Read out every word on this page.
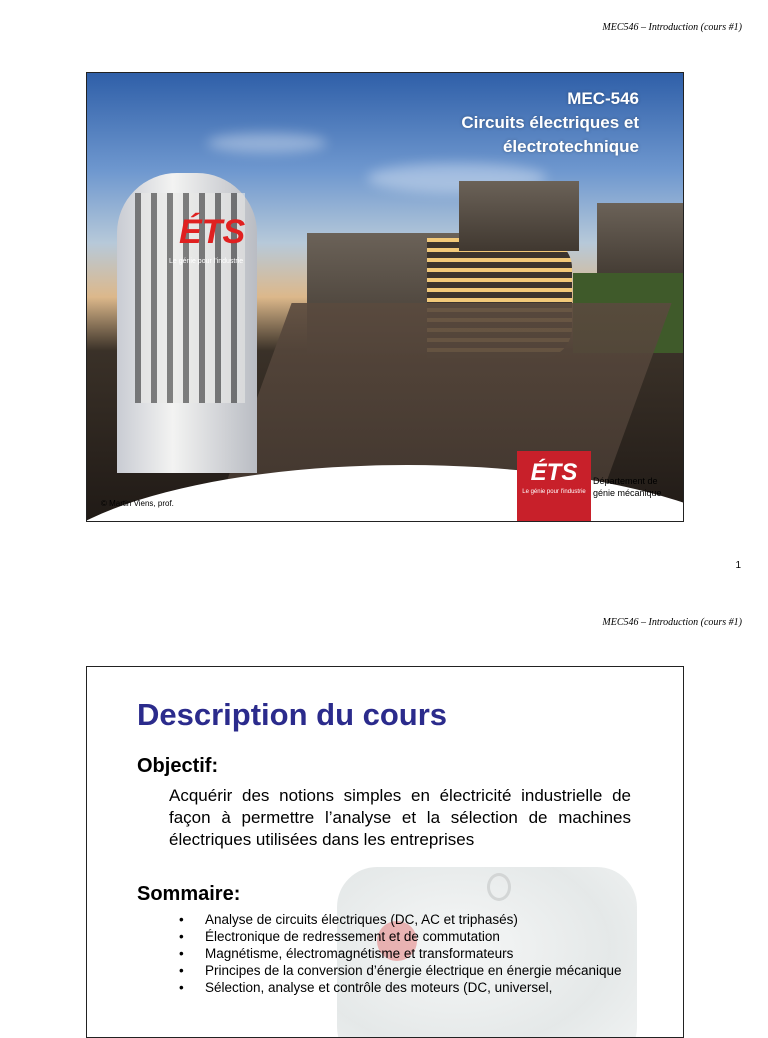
MEC546 – Introduction (cours #1)
ÉTS
Le génie pour l'industrie
MEC-546
Circuits électriques et
électrotechnique
© Martin Viens, prof.
ÉTS
Le génie pour l'industrie
Département de
génie mécanique
1
MEC546 – Introduction (cours #1)
Description du cours
Objectif:
Acquérir des notions simples en électricité industrielle de façon à permettre l’analyse et la sélection de machines électriques utilisées dans les entreprises
Sommaire:
• Analyse de circuits électriques (DC, AC et triphasés)
• Électronique de redressement et de commutation
• Magnétisme, électromagnétisme et transformateurs
• Principes de la conversion d’énergie électrique en énergie mécanique
• Sélection, analyse et contrôle des moteurs (DC, universel,
